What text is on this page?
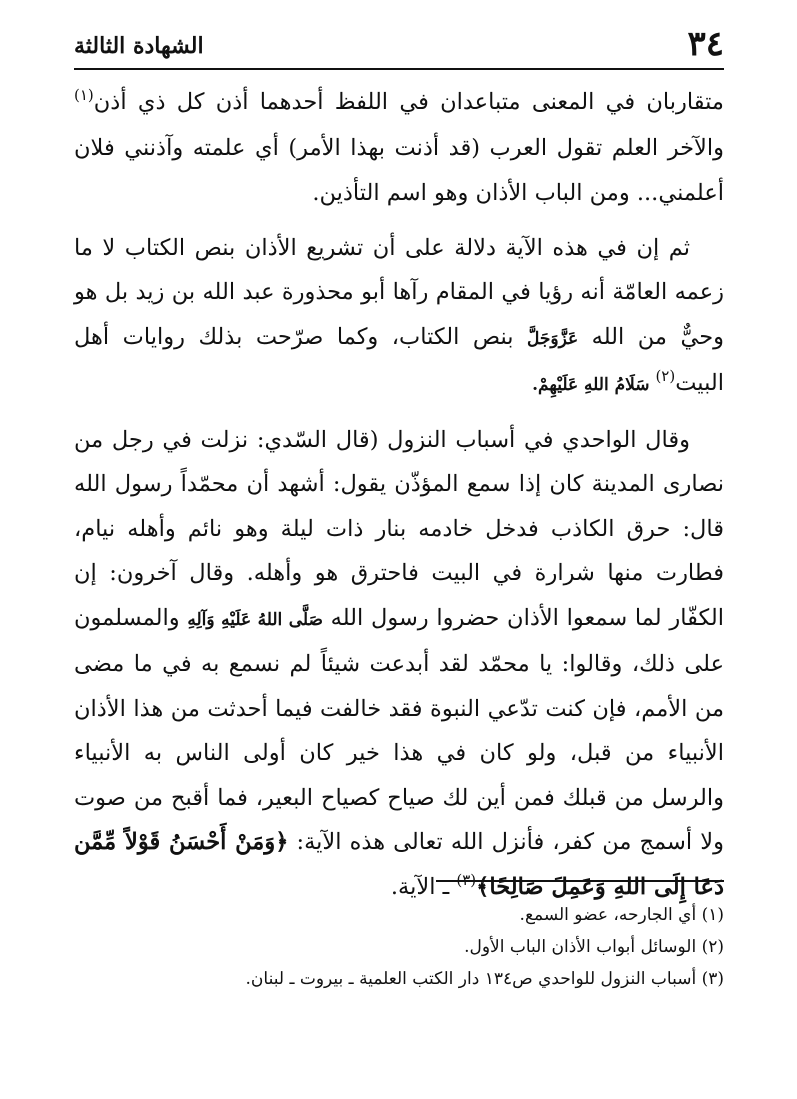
٣٤
الشهادة الثالثة

متقاربان في المعنى متباعدان في اللفظ أحدهما أذن كل ذي أذن$^{(١)}$ والآخر العلم تقول العرب (قد أذنت بهذا الأمر) أي علمته وآذنني فلان أعلمني... ومن الباب الأذان وهو اسم التأذين.

ثم إن في هذه الآية دلالة على أن تشريع الأذان بنص الكتاب لا ما زعمه العامّة أنه رؤيا في المقام رآها أبو محذورة عبد الله بن زيد بل هو وحيٌّ من الله عَزَّوَجَلَّ بنص الكتاب، وكما صرّحت بذلك روايات أهل البيت$^{(٢)}$ سَلَامُ اللهِ عَلَيْهِمْ.

وقال الواحدي في أسباب النزول (قال السّدي: نزلت في رجل من نصارى المدينة كان إذا سمع المؤذّن يقول: أشهد أن محمّداً رسول الله قال: حرق الكاذب فدخل خادمه بنار ذات ليلة وهو نائم وأهله نيام، فطارت منها شرارة في البيت فاحترق هو وأهله. وقال آخرون: إن الكفّار لما سمعوا الأذان حضروا رسول الله صَلَّى اللهُ عَلَيْهِ وَآلِهِ والمسلمون على ذلك، وقالوا: يا محمّد لقد أبدعت شيئاً لم نسمع به في ما مضى من الأمم، فإن كنت تدّعي النبوة فقد خالفت فيما أحدثت من هذا الأذان الأنبياء من قبل، ولو كان في هذا خير كان أولى الناس به الأنبياء والرسل من قبلك فمن أين لك صياح كصياح البعير، فما أقبح من صوت ولا أسمج من كفر، فأنزل الله تعالى هذه الآية: ﴿وَمَنْ أَحْسَنُ قَوْلاً مِّمَّن دَعَا إِلَى اللهِ وَعَمِلَ صَالِحًا﴾$^{(٣)}$ ـ الآية.

(١) أي الجارحه، عضو السمع.

(٢) الوسائل أبواب الأذان الباب الأول.

(٣) أسباب النزول للواحدي ص١٣٤ دار الكتب العلمية ـ بيروت ـ لبنان.
